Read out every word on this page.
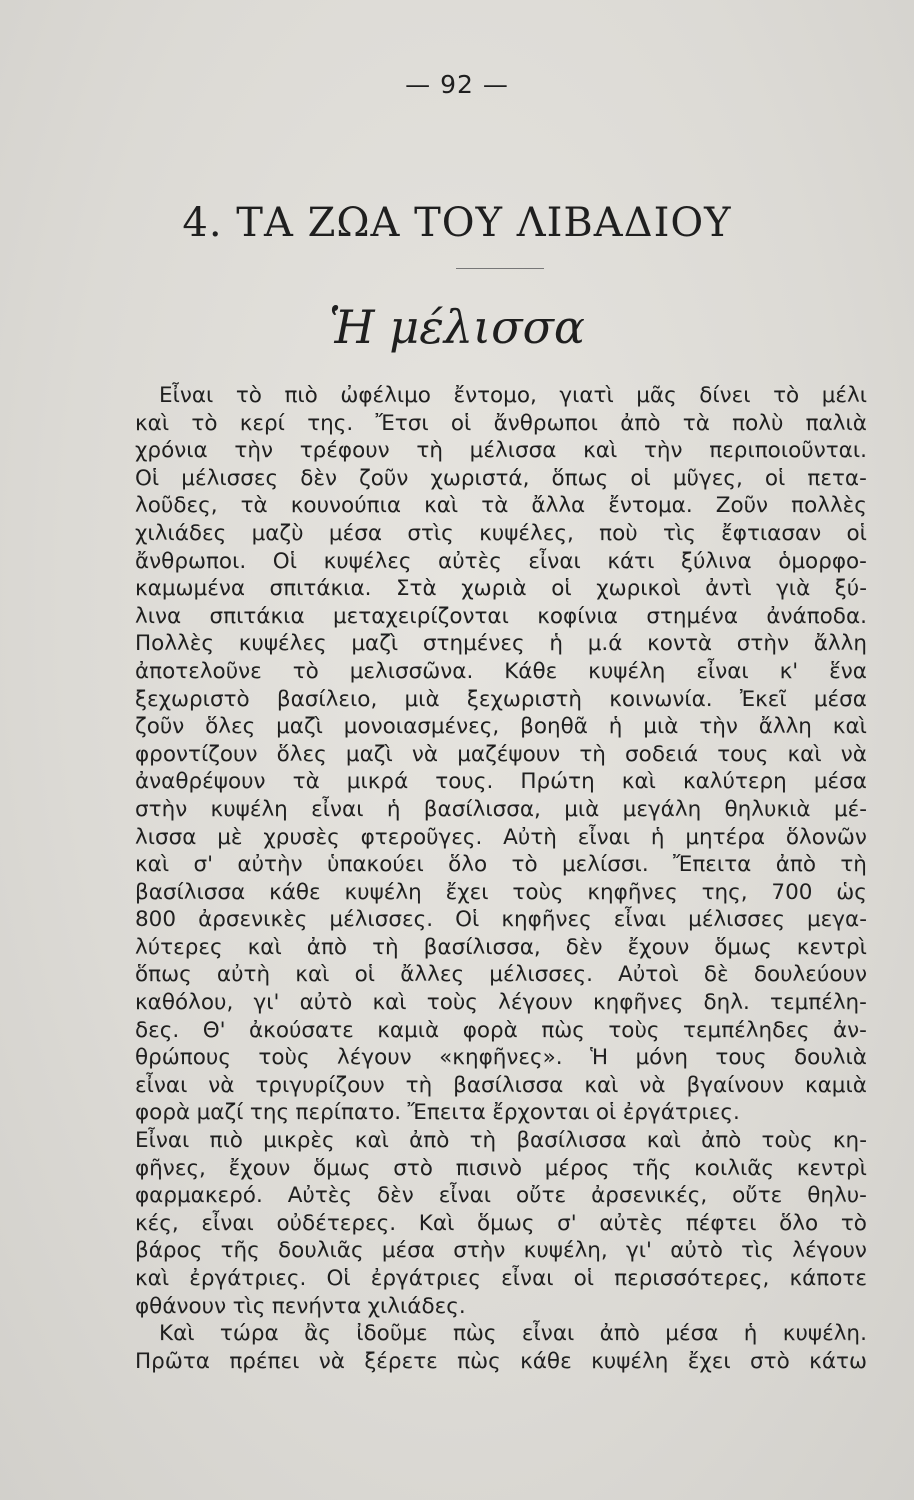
— 92 —
4. ΤΑ ΖΩΑ ΤΟΥ ΛΙΒΑΔΙΟΥ
Ἡ μέλισσα
Εἶναι τὸ πιὸ ὠφέλιμο ἔντομο, γιατὶ μᾶς δίνει τὸ μέλι
καὶ τὸ κερί της. Ἔτσι οἱ ἄνθρωποι ἀπὸ τὰ πολὺ παλιὰ
χρόνια τὴν τρέφουν τὴ μέλισσα καὶ τὴν περιποιοῦνται.
Οἱ μέλισσες δὲν ζοῦν χωριστά, ὅπως οἱ μῦγες, οἱ πετα-
λοῦδες, τὰ κουνούπια καὶ τὰ ἄλλα ἔντομα. Ζοῦν πολλὲς
χιλιάδες μαζὺ μέσα στὶς κυψέλες, ποὺ τὶς ἔφτιασαν οἱ
ἄνθρωποι. Οἱ κυψέλες αὐτὲς εἶναι κάτι ξύλινα ὁμορφο-
καμωμένα σπιτάκια. Στὰ χωριὰ οἱ χωρικοὶ ἀντὶ γιὰ ξύ-
λινα σπιτάκια μεταχειρίζονται κοφίνια στημένα ἀνάποδα.
Πολλὲς κυψέλες μαζὶ στημένες ἡ μ.ά κοντὰ στὴν ἄλλη
ἀποτελοῦνε τὸ μελισσῶνα. Κάθε κυψέλη εἶναι κ' ἕνα
ξεχωριστὸ βασίλειο, μιὰ ξεχωριστὴ κοινωνία. Ἐκεῖ μέσα
ζοῦν ὅλες μαζὶ μονοιασμένες, βοηθᾶ ἡ μιὰ τὴν ἄλλη καὶ
φροντίζουν ὅλες μαζὶ νὰ μαζέψουν τὴ σοδειά τους καὶ νὰ
ἀναθρέψουν τὰ μικρά τους. Πρώτη καὶ καλύτερη μέσα
στὴν κυψέλη εἶναι ἡ βασίλισσα, μιὰ μεγάλη θηλυκιὰ μέ-
λισσα μὲ χρυσὲς φτεροῦγες. Αὐτὴ εἶναι ἡ μητέρα ὅλονῶν
καὶ σ' αὐτὴν ὑπακούει ὅλο τὸ μελίσσι. Ἔπειτα ἀπὸ τὴ
βασίλισσα κάθε κυψέλη ἔχει τοὺς κηφῆνες της, 700 ὡς
800 ἀρσενικὲς μέλισσες. Οἱ κηφῆνες εἶναι μέλισσες μεγα-
λύτερες καὶ ἀπὸ τὴ βασίλισσα, δὲν ἔχουν ὅμως κεντρὶ
ὅπως αὐτὴ καὶ οἱ ἄλλες μέλισσες. Αὐτοὶ δὲ δουλεύουν
καθόλου, γι' αὐτὸ καὶ τοὺς λέγουν κηφῆνες δηλ. τεμπέλη-
δες. Θ' ἀκούσατε καμιὰ φορὰ πὼς τοὺς τεμπέληδες ἀν-
θρώπους τοὺς λέγουν «κηφῆνες». Ἡ μόνη τους δουλιὰ
εἶναι νὰ τριγυρίζουν τὴ βασίλισσα καὶ νὰ βγαίνουν καμιὰ
φορὰ μαζί της περίπατο. Ἔπειτα ἔρχονται οἱ ἐργάτριες.
Εἶναι πιὸ μικρὲς καὶ ἀπὸ τὴ βασίλισσα καὶ ἀπὸ τοὺς κη-
φῆνες, ἔχουν ὅμως στὸ πισινὸ μέρος τῆς κοιλιᾶς κεντρὶ
φαρμακερό. Αὐτὲς δὲν εἶναι οὔτε ἀρσενικές, οὔτε θηλυ-
κές, εἶναι οὐδέτερες. Καὶ ὅμως σ' αὐτὲς πέφτει ὅλο τὸ
βάρος τῆς δουλιᾶς μέσα στὴν κυψέλη, γι' αὐτὸ τὶς λέγουν
καὶ ἐργάτριες. Οἱ ἐργάτριες εἶναι οἱ περισσότερες, κάποτε
φθάνουν τὶς πενήντα χιλιάδες.
Καὶ τώρα ἂς ἰδοῦμε πὼς εἶναι ἀπὸ μέσα ἡ κυψέλη.
Πρῶτα πρέπει νὰ ξέρετε πὼς κάθε κυψέλη ἔχει στὸ κάτω
